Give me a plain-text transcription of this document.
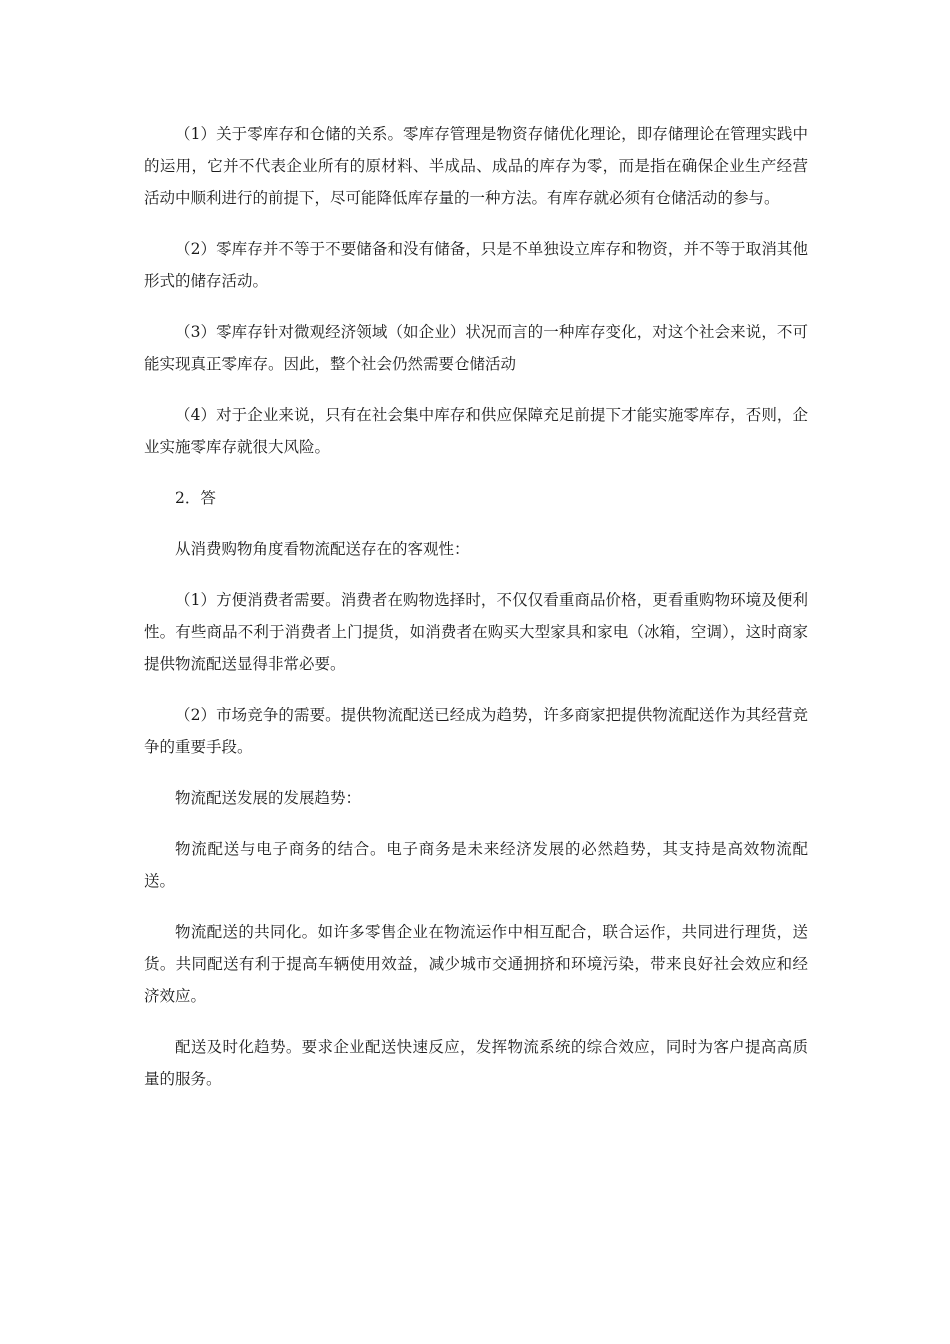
（1）关于零库存和仓储的关系。零库存管理是物资存储优化理论，即存储理论在管理实践中的运用，它并不代表企业所有的原材料、半成品、成品的库存为零，而是指在确保企业生产经营活动中顺利进行的前提下，尽可能降低库存量的一种方法。有库存就必须有仓储活动的参与。

（2）零库存并不等于不要储备和没有储备，只是不单独设立库存和物资，并不等于取消其他形式的储存活动。

（3）零库存针对微观经济领域（如企业）状况而言的一种库存变化，对这个社会来说，不可能实现真正零库存。因此，整个社会仍然需要仓储活动

（4）对于企业来说，只有在社会集中库存和供应保障充足前提下才能实施零库存，否则，企业实施零库存就很大风险。

2．答

从消费购物角度看物流配送存在的客观性：

（1）方便消费者需要。消费者在购物选择时，不仅仅看重商品价格，更看重购物环境及便利性。有些商品不利于消费者上门提货，如消费者在购买大型家具和家电（冰箱，空调），这时商家提供物流配送显得非常必要。

（2）市场竞争的需要。提供物流配送已经成为趋势，许多商家把提供物流配送作为其经营竞争的重要手段。

物流配送发展的发展趋势：

物流配送与电子商务的结合。电子商务是未来经济发展的必然趋势，其支持是高效物流配送。

物流配送的共同化。如许多零售企业在物流运作中相互配合，联合运作，共同进行理货，送货。共同配送有利于提高车辆使用效益，减少城市交通拥挤和环境污染，带来良好社会效应和经济效应。

配送及时化趋势。要求企业配送快速反应，发挥物流系统的综合效应，同时为客户提高高质量的服务。
